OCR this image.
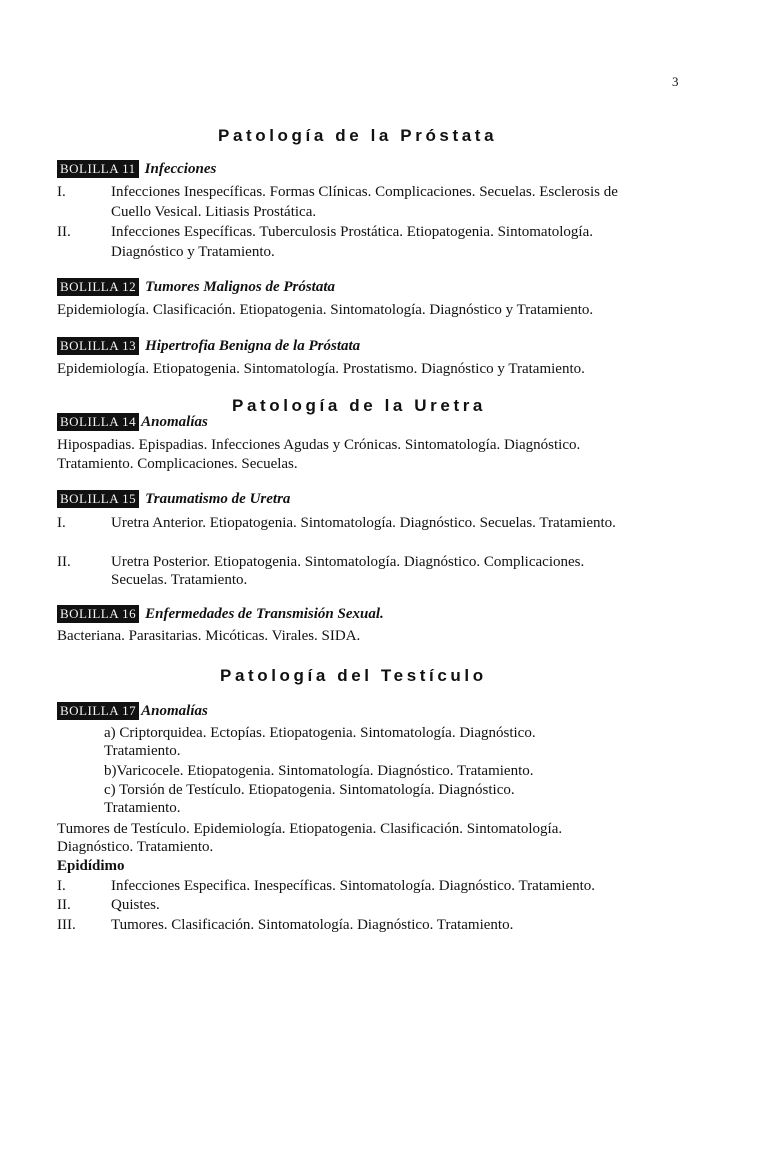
3
Patología de la Próstata
BOLILLA 11 Infecciones
I.	Infecciones Inespecíficas. Formas Clínicas. Complicaciones. Secuelas. Esclerosis de
Cuello Vesical. Litiasis Prostática.
II.	Infecciones Específicas. Tuberculosis Prostática. Etiopatogenia. Sintomatología.
Diagnóstico y Tratamiento.
BOLILLA 12 Tumores Malignos de Próstata
Epidemiología. Clasificación. Etiopatogenia. Sintomatología. Diagnóstico y Tratamiento.
BOLILLA 13 Hipertrofia Benigna de la Próstata
Epidemiología. Etiopatogenia. Sintomatología. Prostatismo. Diagnóstico y Tratamiento.
Patología de la Uretra
BOLILLA 14 Anomalías
Hipospadias. Epispadias. Infecciones Agudas y Crónicas. Sintomatología. Diagnóstico.
Tratamiento. Complicaciones. Secuelas.
BOLILLA 15 Traumatismo de Uretra
I.	Uretra Anterior. Etiopatogenia. Sintomatología. Diagnóstico. Secuelas. Tratamiento.
II.	Uretra Posterior. Etiopatogenia. Sintomatología. Diagnóstico. Complicaciones.
Secuelas. Tratamiento.
BOLILLA 16 Enfermedades de Transmisión Sexual.
Bacteriana. Parasitarias. Micóticas. Virales. SIDA.
Patología del Testículo
BOLILLA 17 Anomalías
a) Criptorquidea. Ectopías. Etiopatogenia. Sintomatología. Diagnóstico.
Tratamiento.
b)Varicocele. Etiopatogenia. Sintomatología. Diagnóstico. Tratamiento.
c) Torsión de Testículo. Etiopatogenia. Sintomatología. Diagnóstico.
Tratamiento.
Tumores de Testículo. Epidemiología. Etiopatogenia. Clasificación. Sintomatología.
Diagnóstico. Tratamiento.
Epidídimo
I.	Infecciones Especifica. Inespecíficas. Sintomatología. Diagnóstico. Tratamiento.
II.	Quistes.
III. Tumores. Clasificación. Sintomatología. Diagnóstico. Tratamiento.
